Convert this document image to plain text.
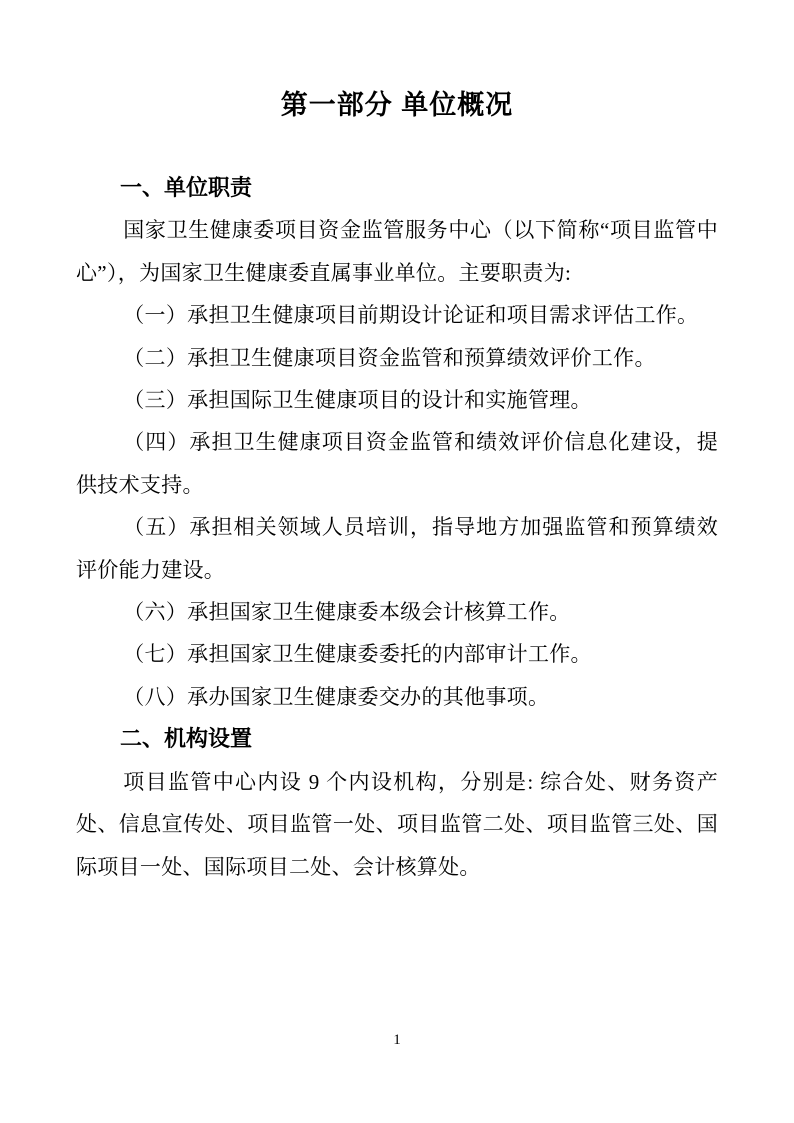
第一部分 单位概况
一、单位职责

国家卫生健康委项目资金监管服务中心（以下简称“项目监管中心”），为国家卫生健康委直属事业单位。主要职责为:

（一）承担卫生健康项目前期设计论证和项目需求评估工作。

（二）承担卫生健康项目资金监管和预算绩效评价工作。

（三）承担国际卫生健康项目的设计和实施管理。

（四）承担卫生健康项目资金监管和绩效评价信息化建设，提供技术支持。

（五）承担相关领域人员培训，指导地方加强监管和预算绩效评价能力建设。

（六）承担国家卫生健康委本级会计核算工作。

（七）承担国家卫生健康委委托的内部审计工作。

（八）承办国家卫生健康委交办的其他事项。

二、机构设置

项目监管中心内设 9 个内设机构，分别是: 综合处、财务资产处、信息宣传处、项目监管一处、项目监管二处、项目监管三处、国际项目一处、国际项目二处、会计核算处。

1
